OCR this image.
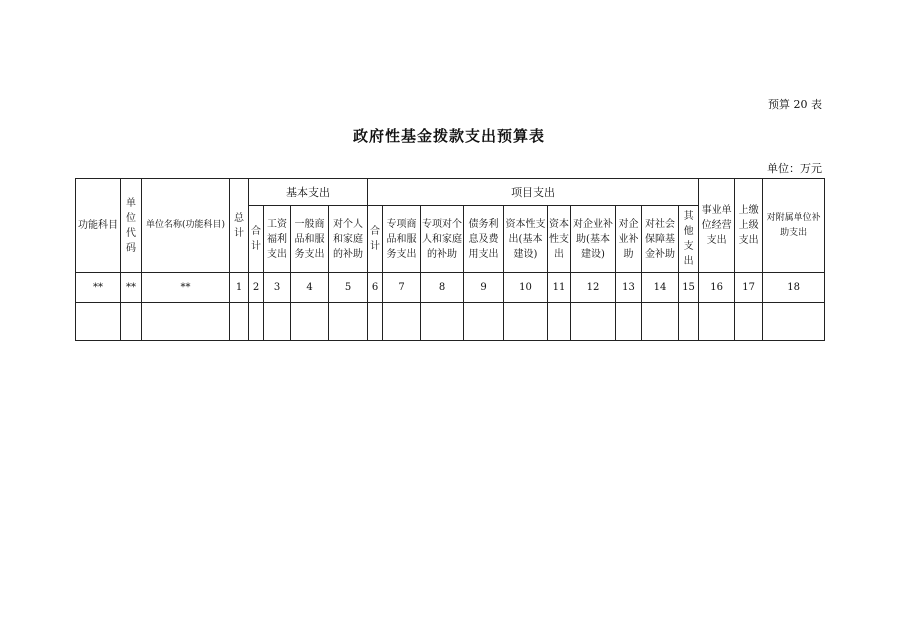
预算 20 表
政府性基金拨款支出预算表
单位：万元
功能科目	单位代码	单位名称(功能科目)	总计	基本支出				项目支出										事业单位经营支出	上缴上级支出	对附属单位补助支出
				合计	工资福利支出	一般商品和服务支出	对个人和家庭的补助	合计	专项商品和服务支出	专项对个人和家庭的补助	债务利息及费用支出	资本性支出(基本建设)	资本性支出	对企业补助(基本建设)	对企业补助	对社会保障基金补助	其他支出			
**	**	**	1	2	3	4	5	6	7	8	9	10	11	12	13	14	15	16	17	18
